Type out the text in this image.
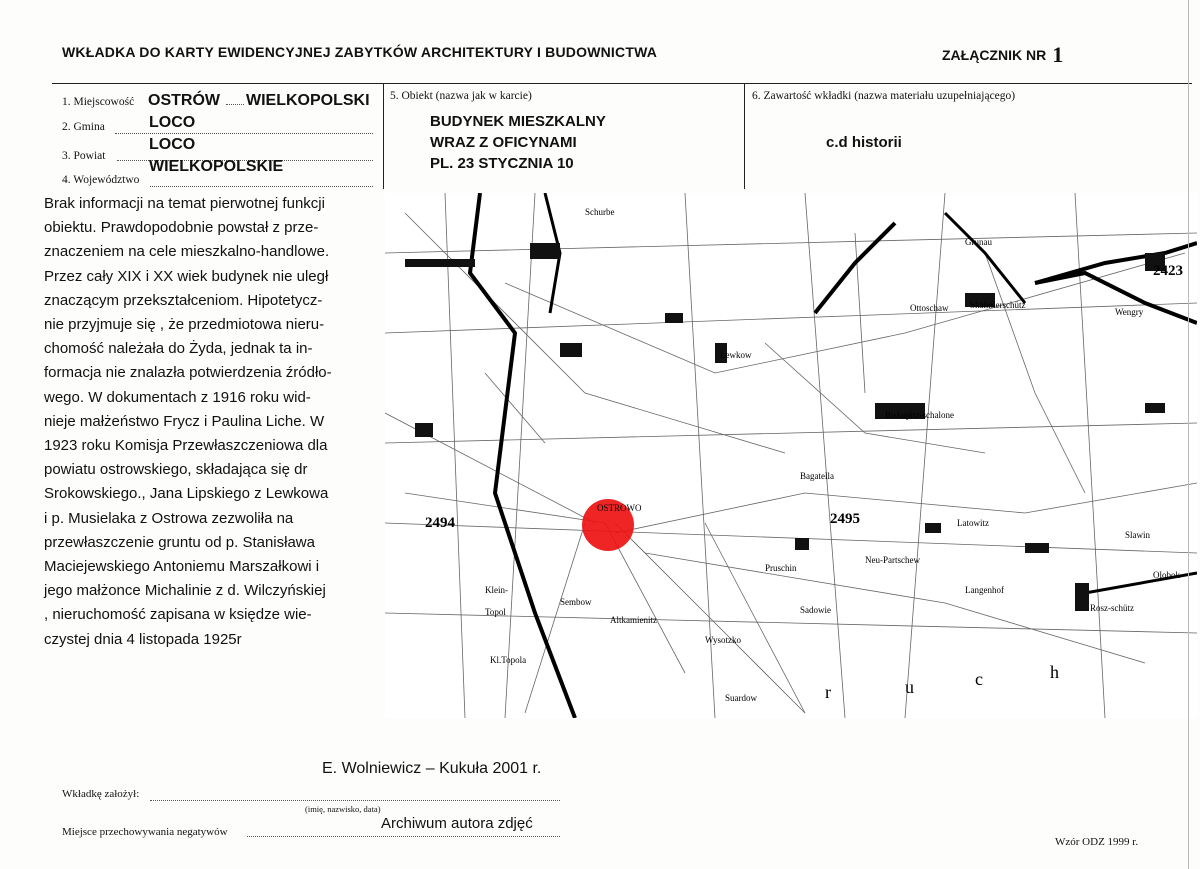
WKŁADKA DO KARTY EWIDENCYJNEJ ZABYTKÓW ARCHITEKTURY I BUDOWNICTWA	ZAŁĄCZNIK NR 1
1. Miejscowość OSTRÓW WIELKOPOLSKI
2. Gmina	LOCO
3. Powiat
LOCO
4. Województwo
WIELKOPOLSKIE
5. Obiekt (nazwa jak w karcie)
BUDYNEK MIESZKALNY
WRAZ Z OFICYNAMI
PL. 23 STYCZNIA 10
6. Zawartość wkładki (nazwa materiału uzupełniającego)
c.d historii
Brak informacji na temat pierwotnej funkcji
obiektu. Prawdopodobnie powstał z prze-
znaczeniem na cele mieszkalno-handlowe.
Przez cały XIX i XX wiek budynek nie uległ
znaczącym przekształceniom. Hipotetycz-
nie przyjmuje się , że przedmiotowa nieru-
chomość należała do Żyda, jednak ta in-
formacja nie znalazła potwierdzenia źródło-
wego. W dokumentach z 1916 roku wid-
nieje małżeństwo Frycz i Paulina Liche. W
1923 roku Komisja Przewłaszczeniowa dla
powiatu ostrowskiego, składająca się dr
Srokowskiego., Jana Lipskiego z Lewkowa
i p. Musielaka z Ostrowa zezwoliła na
przewłaszczenie gruntu od p. Stanisława
Maciejewskiego Antoniemu Marszałkowi i
jego małżonce Michalinie z d. Wilczyńskiej
, nieruchomość zapisana w księdze wie-
czystej dnia 4 listopada 1925r
2494	2495
2423
OSTROWO
Lewkow
Skalmierschütz
Biskupitz-schalone
Sadowie
Langenhof
Wysotzko
Suardow
Altkamienitz
Kl.Topola
Ottoschaw
Latowitz
Rosz-schütz
Olobok
Grunau
Bagatella
Wengry
Slawin
Neu-Partschew
Pruschin
Schurbe
Topol
Klein-
Sembow
r	u	c	h
E. Wolniewicz – Kukuła 2001 r.
Wkładkę założył:
(imię, nazwisko, data)
Miejsce przechowywania negatywów	Archiwum autora zdjęć
Wzór ODZ 1999 r.
